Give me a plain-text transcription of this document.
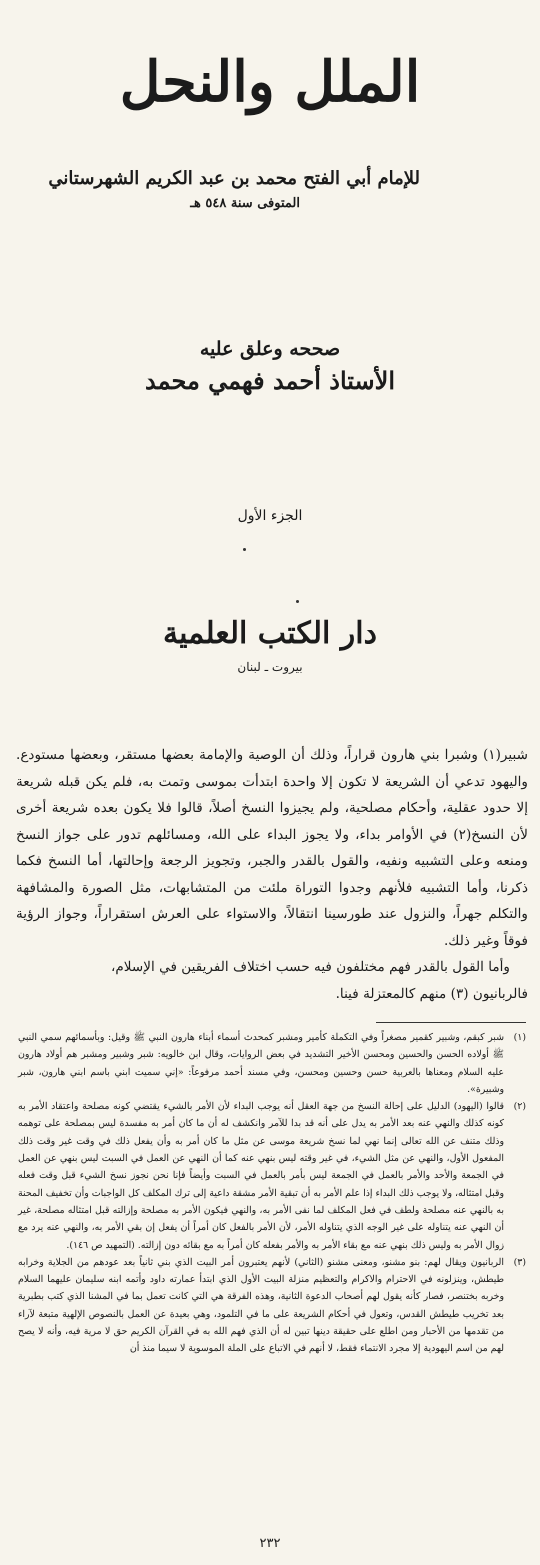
الملل والنحل
للإمام أبي الفتح محمد بن عبد الكريم الشهرستاني
المتوفى سنة ٥٤٨ هـ
صححه وعلق عليه
الأستاذ أحمد فهمي محمد
الجزء الأول
دار الكتب العلمية
بيروت ـ لبنان

شبير(١) وشبرا بني هارون قراراً، وذلك أن الوصية والإمامة بعضها مستقر، وبعضها مستودع. واليهود تدعي أن الشريعة لا تكون إلا واحدة ابتدأت بموسى وتمت به، فلم يكن قبله شريعة إلا حدود عقلية، وأحكام مصلحية، ولم يجيزوا النسخ أصلاً، قالوا فلا يكون بعده شريعة أخرى لأن النسخ(٢) في الأوامر بداء، ولا يجوز البداء على الله، ومسائلهم تدور على جواز النسخ ومنعه وعلى التشبيه ونفيه، والقول بالقدر والجبر، وتجويز الرجعة وإحالتها، أما النسخ فكما ذكرنا، وأما التشبيه فلأنهم وجدوا التوراة ملئت من المتشابهات، مثل الصورة والمشافهة والتكلم جهراً، والنزول عند طورسينا انتقالاً، والاستواء على العرش استقراراً، وجواز الرؤية فوقاً وغير ذلك.

وأما القول بالقدر فهم مختلفون فيه حسب اختلاف الفريقين في الإسلام،

فالربانيون (٣) منهم كالمعتزلة فينا.

(١)
شبر كبقم، وشبير كقمير مصغراً وفي التكملة كأمير ومشبر كمحدث أسماء أبناء هارون النبي ﷺ وقيل: وبأسمائهم سمي النبي ﷺ أولاده الحسن والحسين ومحسن الأخير التشديد في بعض الروايات، وقال ابن خالويه: شبر وشبير ومشبر هم أولاد هارون عليه السلام ومعناها بالعربية حسن وحسين ومحسن، وفي مسند أحمد مرفوعاً: «إني سميت ابني باسم ابني هارون، شبر وشبيرة».
(٢)
قالوا (اليهود) الدليل على إحالة النسخ من جهة العقل أنه يوجب البداء لأن الأمر بالشيء يقتضي كونه مصلحة واعتقاد الأمر به كونه كذلك والنهي عنه بعد الأمر به يدل على أنه قد بدا للآمر وانكشف له أن ما كان أمر به مفسدة ليس بمصلحة على توهمه وذلك متنف عن الله تعالى إنما نهي لما نسخ شريعة موسى عن مثل ما كان أمر به وأن يفعل ذلك في وقت غير وقت ذلك المفعول الأول، والنهي عن مثل الشيء، في غير وقته ليس بنهي عنه كما أن النهي عن العمل في السبت ليس بنهي عن العمل في الجمعة والأحد والأمر بالعمل في الجمعة ليس بأمر بالعمل في السبت وأيضاً فإنا نحن نجوز نسخ الشيء قبل وقت فعله وقبل امتثاله، ولا يوجب ذلك البداء إذا علم الأمر به أن تبقية الأمر مشقة داعية إلى ترك المكلف كل الواجبات وأن تخفيف المحنة به بالنهي عنه مصلحة ولطف في فعل المكلف لما نفى الأمر به، والنهي فيكون الأمر به مصلحة وإزالته قبل امتثاله مصلحة، غير أن النهي عنه يتناوله على غير الوجه الذي يتناوله الأمر، لأن الأمر بالفعل كان أمراً أن يفعل إن بقي الأمر به، والنهي عنه يرد مع زوال الأمر به وليس ذلك بنهي عنه مع بقاء الأمر به والأمر بفعله كان أمراً به مع بقائه دون إزالته. (التمهيد ص ١٤٦).
(٣)
الربانيون ويقال لهم: بنو مشنو، ومعنى مشنو (الثاني) لأنهم يعتبرون أمر البيت الذي بني ثانياً بعد عودهم من الجلاية وخرابه طيطش، وينزلونه في الاحترام والاكرام والتعظيم منزلة البيت الأول الذي ابتدأ عمارته داود وأتمه ابنه سليمان عليهما السلام وخربه بختنصر، فصار كأنه يقول لهم أصحاب الدعوة الثانية، وهذه الفرقة هي التي كانت تعمل بما في المشنا الذي كتب بطبرية بعد تخريب طيطش القدس، وتعول في أحكام الشريعة على ما في التلمود، وهي بعيدة عن العمل بالنصوص الإلهية متبعة لآراء من تقدمها من الأحبار ومن اطلع على حقيقة دينها تبين له أن الذي فهم الله به في القرآن الكريم حق لا مرية فيه، وأنه لا يصح لهم من اسم اليهودية إلا مجرد الانتماء فقط، لا أنهم في الاتباع على الملة الموسوية لا سيما منذ أن
٢٣٢
